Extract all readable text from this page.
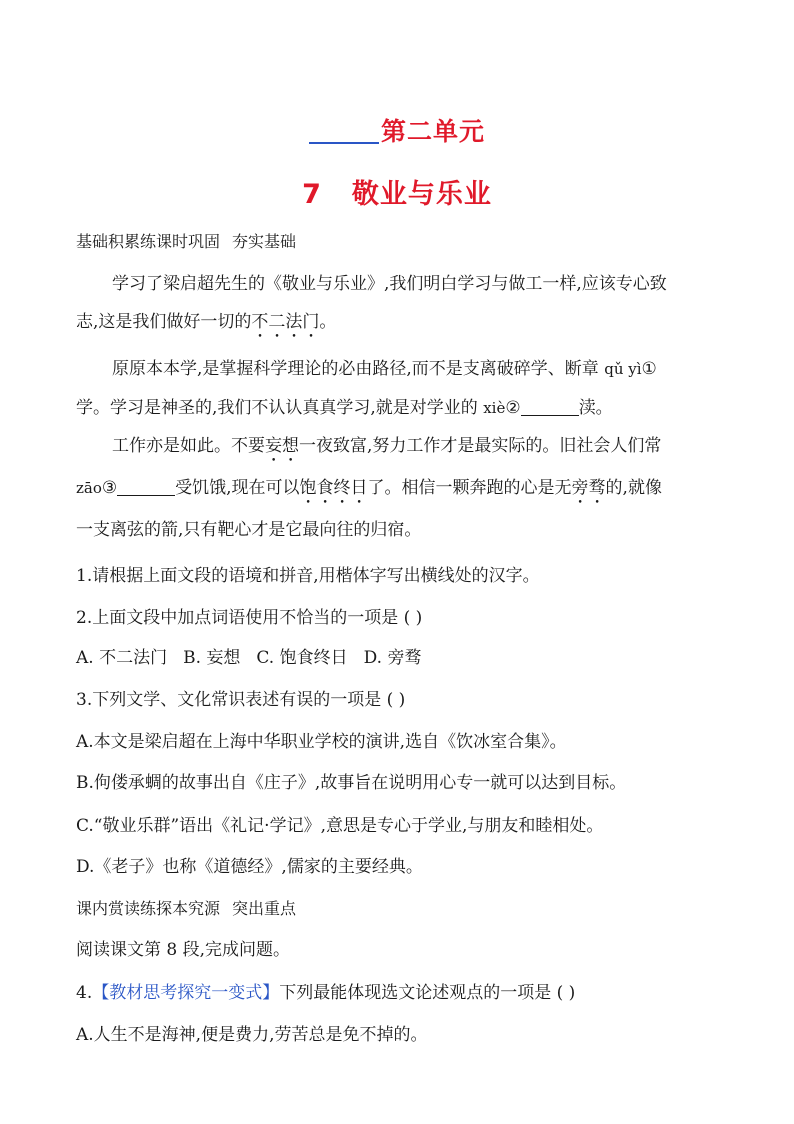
第二单元
7 敬业与乐业
基础积累练课时巩固 夯实基础
学习了梁启超先生的《敬业与乐业》,我们明白学习与做工一样,应该专心致
志,这是我们做好一切的不二法门。
原原本本学,是掌握科学理论的必由路径,而不是支离破碎学、断章 qǔ yì①
学。学习是神圣的,我们不认认真真学习,就是对学业的 xiè②	渎。
工作亦是如此。不要妄想一夜致富,努力工作才是最实际的。旧社会人们常
zāo③	受饥饿,现在可以饱食终日了。相信一颗奔跑的心是无旁骛的,就像
一支离弦的箭,只有靶心才是它最向往的归宿。
1.请根据上面文段的语境和拼音,用楷体字写出横线处的汉字。
2.上面文段中加点词语使用不恰当的一项是 ( )
A. 不二法门 B. 妄想 C. 饱食终日 D. 旁骛
3.下列文学、文化常识表述有误的一项是 ( )
A.本文是梁启超在上海中华职业学校的演讲,选自《饮冰室合集》。
B.佝偻承蜩的故事出自《庄子》,故事旨在说明用心专一就可以达到目标。
C.“敬业乐群”语出《礼记·学记》,意思是专心于学业,与朋友和睦相处。
D.《老子》也称《道德经》,儒家的主要经典。
课内赏读练探本究源 突出重点
阅读课文第 8 段,完成问题。
4.【教材思考探究一变式】下列最能体现选文论述观点的一项是 ( )
A.人生不是海神,便是费力,劳苦总是免不掉的。
